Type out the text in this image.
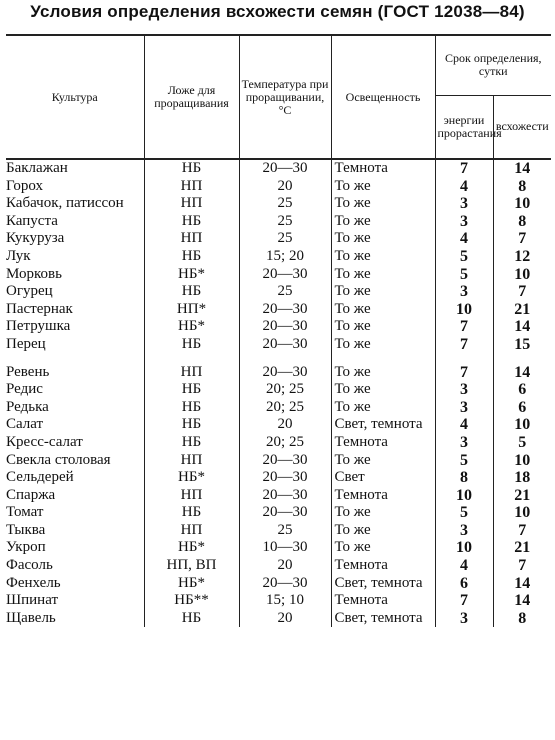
Условия определения всхожести семян (ГОСТ 12038—84)
Культура	Ложе для проращивания	Температура при проращивании, °С	Освещенность	Срок определения, сутки	
				энергии прорастания	всхожести
Баклажан	НБ	20—30	Темнота	7	14
Горох	НП	20	То же	4	8
Кабачок, патиссон	НП	25	То же	3	10
Капуста	НБ	25	То же	3	8
Кукуруза	НП	25	То же	4	7
Лук	НБ	15; 20	То же	5	12
Морковь	НБ*	20—30	То же	5	10
Огурец	НБ	25	То же	3	7
Пастернак	НП*	20—30	То же	10	21
Петрушка	НБ*	20—30	То же	7	14
Перец	НБ	20—30	То же	7	15

Ревень	НП	20—30	То же	7	14
Редис	НБ	20; 25	То же	3	6
Редька	НБ	20; 25	То же	3	6
Салат	НБ	20	Свет, темнота	4	10
Кресс-салат	НБ	20; 25	Темнота	3	5
Свекла столовая	НП	20—30	То же	5	10
Сельдерей	НБ*	20—30	Свет	8	18
Спаржа	НП	20—30	Темнота	10	21
Томат	НБ	20—30	То же	5	10
Тыква	НП	25	То же	3	7
Укроп	НБ*	10—30	То же	10	21
Фасоль	НП, ВП	20	Темнота	4	7
Фенхель	НБ*	20—30	Свет, темнота	6	14
Шпинат	НБ**	15; 10	Темнота	7	14
Щавель	НБ	20	Свет, темнота	3	8
